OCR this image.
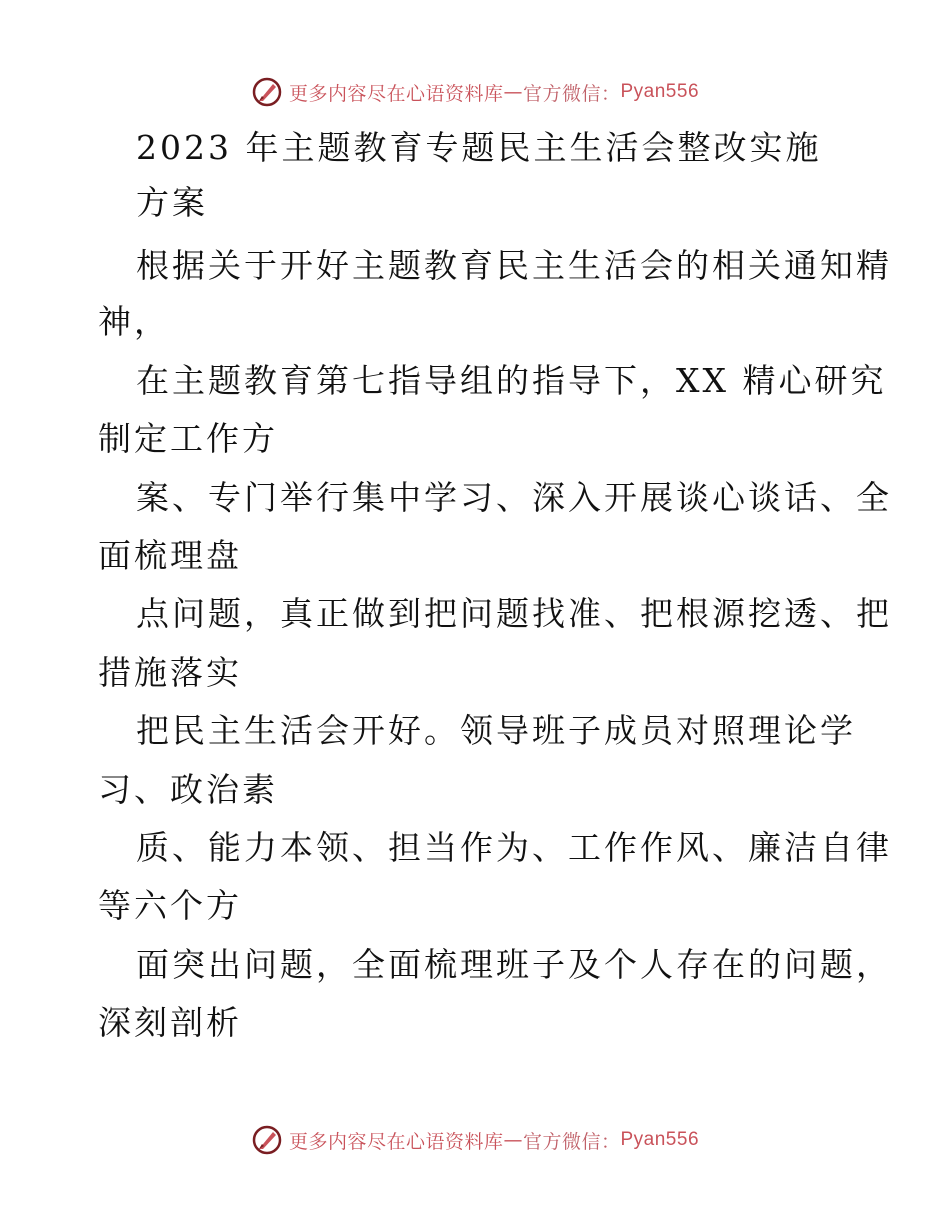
更多内容尽在心语资料库 — 官方微信： Pyan556
2023 年主题教育专题民主生活会整改实施
方案
根据关于开好主题教育民主生活会的相关通知精
神，
在主题教育第七指导组的指导下，XX 精心研究
制定工作方
案、专门举行集中学习、深入开展谈心谈话、全
面梳理盘
点问题，真正做到把问题找准、把根源挖透、把
措施落实
把民主生活会开好。领导班子成员对照理论学
习、政治素
质、能力本领、担当作为、工作作风、廉洁自律
等六个方
面突出问题，全面梳理班子及个人存在的问题，
深刻剖析
更多内容尽在心语资料库 — 官方微信： Pyan556
